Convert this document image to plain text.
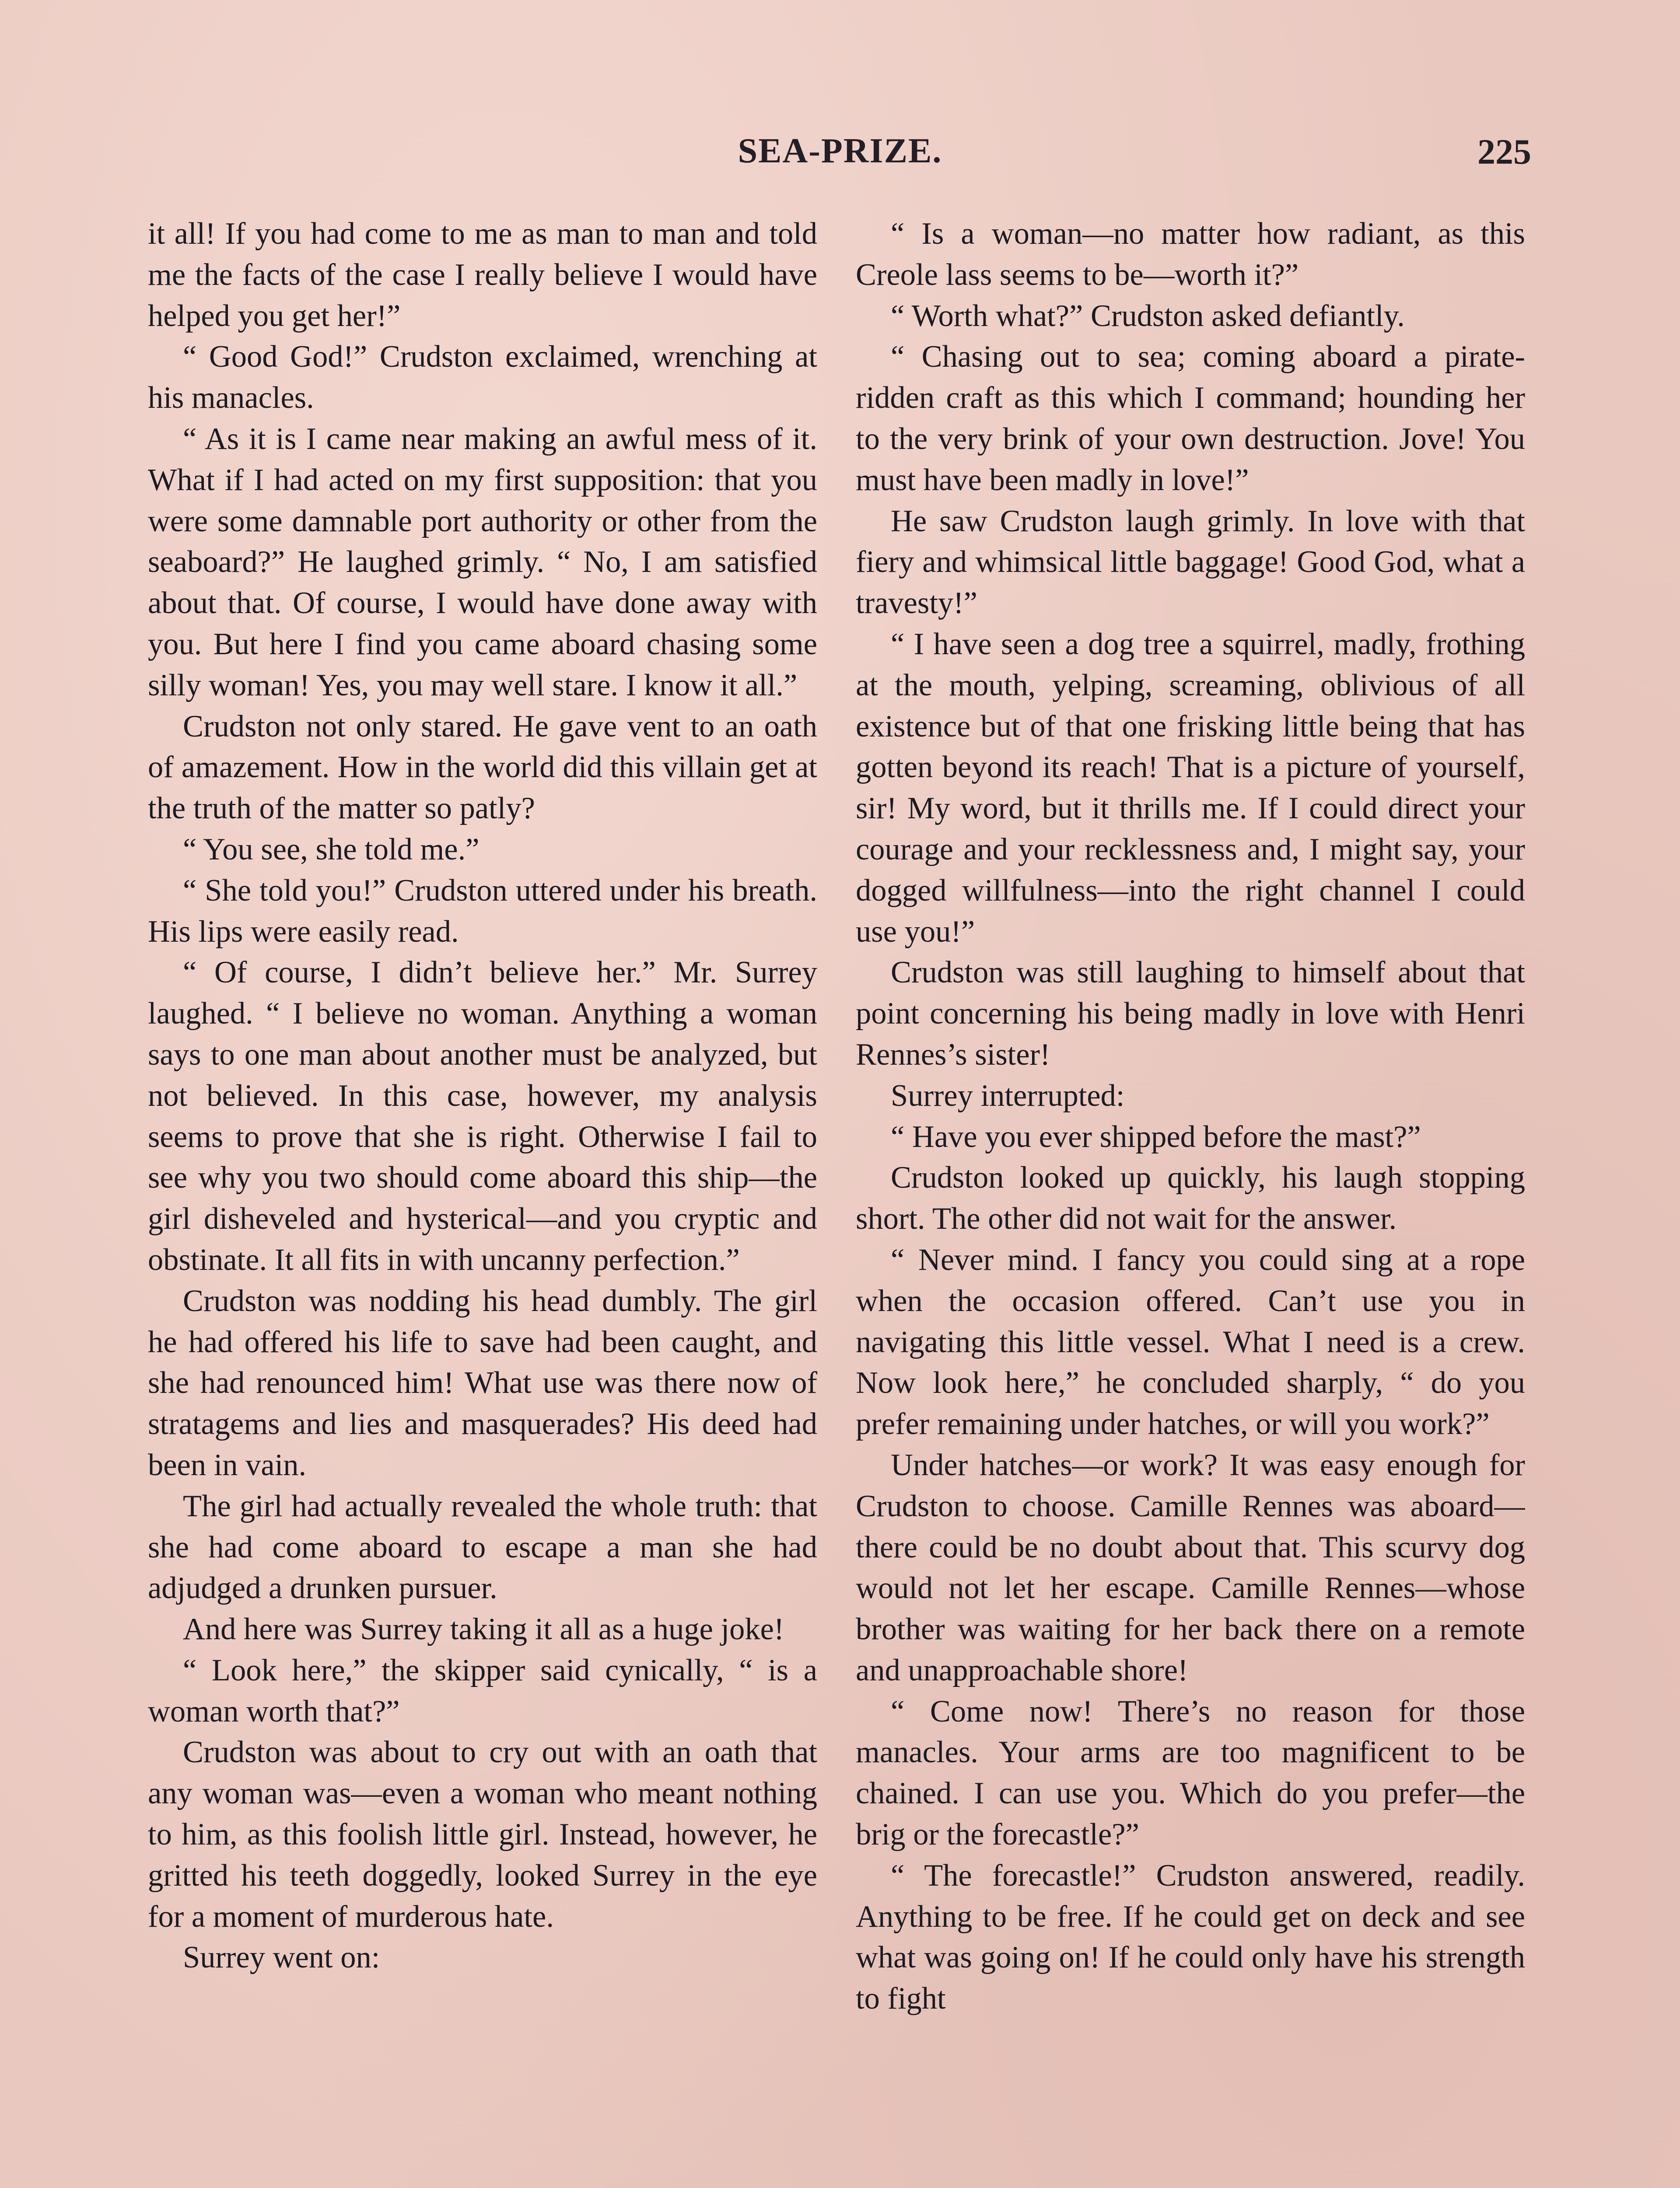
SEA-PRIZE.	225

it all! If you had come to me as man to man and told me the facts of the case I really believe I would have helped you get her!”

“ Good God!” Crudston exclaimed, wrenching at his manacles.

“ As it is I came near making an awful mess of it. What if I had acted on my first supposition: that you were some damnable port authority or other from the seaboard?” He laughed grimly. “ No, I am satisfied about that. Of course, I would have done away with you. But here I find you came aboard chasing some silly woman! Yes, you may well stare. I know it all.”

Crudston not only stared. He gave vent to an oath of amazement. How in the world did this villain get at the truth of the matter so patly?

“ You see, she told me.”

“ She told you!” Crudston uttered under his breath. His lips were easily read.

“ Of course, I didn’t believe her.” Mr. Surrey laughed. “ I believe no woman. Anything a woman says to one man about another must be analyzed, but not believed. In this case, however, my analysis seems to prove that she is right. Otherwise I fail to see why you two should come aboard this ship—the girl disheveled and hysterical—and you cryptic and obstinate. It all fits in with uncanny perfection.”

Crudston was nodding his head dumbly. The girl he had offered his life to save had been caught, and she had renounced him! What use was there now of stratagems and lies and masquerades? His deed had been in vain.

The girl had actually revealed the whole truth: that she had come aboard to escape a man she had adjudged a drunken pursuer.

And here was Surrey taking it all as a huge joke!

“ Look here,” the skipper said cynically, “ is a woman worth that?”

Crudston was about to cry out with an oath that any woman was—even a woman who meant nothing to him, as this foolish little girl. Instead, however, he gritted his teeth doggedly, looked Surrey in the eye for a moment of murderous hate.

Surrey went on:

“ Is a woman—no matter how radiant, as this Creole lass seems to be—worth it?”

“ Worth what?” Crudston asked defiantly.

“ Chasing out to sea; coming aboard a pirate-ridden craft as this which I command; hounding her to the very brink of your own destruction. Jove! You must have been madly in love!”

He saw Crudston laugh grimly. In love with that fiery and whimsical little baggage! Good God, what a travesty!”

“ I have seen a dog tree a squirrel, madly, frothing at the mouth, yelping, screaming, oblivious of all existence but of that one frisking little being that has gotten beyond its reach! That is a picture of yourself, sir! My word, but it thrills me. If I could direct your courage and your recklessness and, I might say, your dogged willfulness—into the right channel I could use you!”

Crudston was still laughing to himself about that point concerning his being madly in love with Henri Rennes’s sister!

Surrey interrupted:

“ Have you ever shipped before the mast?”

Crudston looked up quickly, his laugh stopping short. The other did not wait for the answer.

“ Never mind. I fancy you could sing at a rope when the occasion offered. Can’t use you in navigating this little vessel. What I need is a crew. Now look here,” he concluded sharply, “ do you prefer remaining under hatches, or will you work?”

Under hatches—or work? It was easy enough for Crudston to choose. Camille Rennes was aboard—there could be no doubt about that. This scurvy dog would not let her escape. Camille Rennes—whose brother was waiting for her back there on a remote and unapproachable shore!

“ Come now! There’s no reason for those manacles. Your arms are too magnificent to be chained. I can use you. Which do you prefer—the brig or the forecastle?”

“ The forecastle!” Crudston answered, readily. Anything to be free. If he could get on deck and see what was going on! If he could only have his strength to fight
